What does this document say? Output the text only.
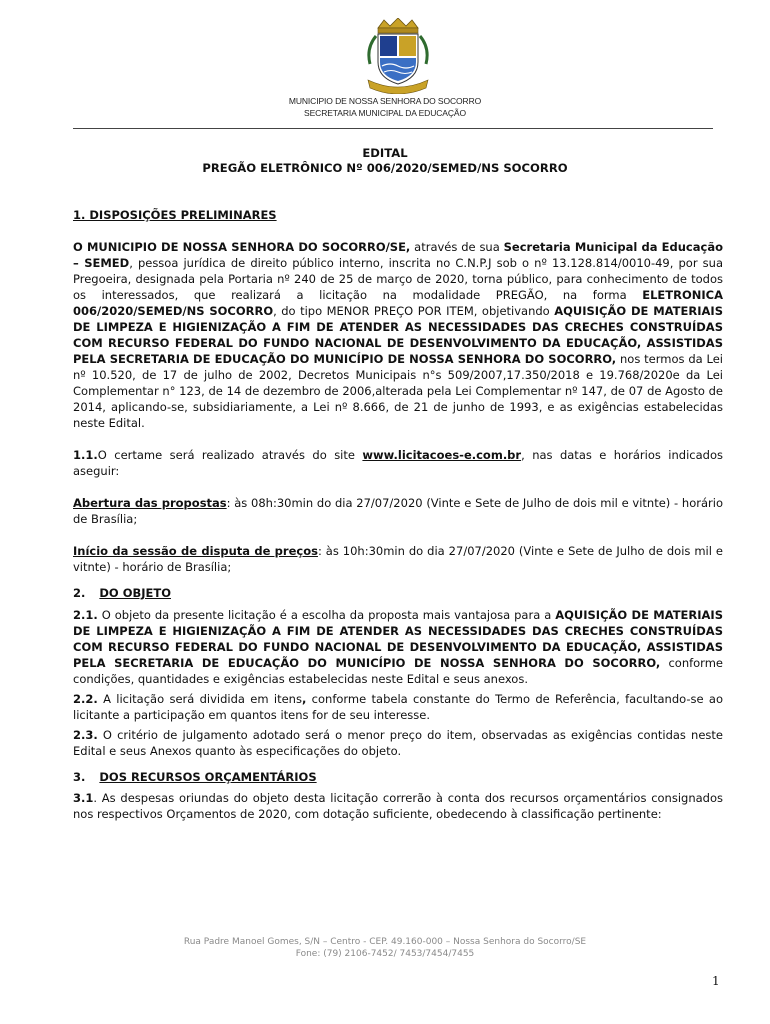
MUNICIPIO DE NOSSA SENHORA DO SOCORRO
SECRETARIA MUNICIPAL DA EDUCAÇÃO
EDITAL
PREGÃO ELETRÔNICO Nº 006/2020/SEMED/NS SOCORRO

1. DISPOSIÇÕES PRELIMINARES

O MUNICIPIO DE NOSSA SENHORA DO SOCORRO/SE, através de sua Secretaria Municipal da Educação – SEMED, pessoa jurídica de direito público interno, inscrita no C.N.P.J sob o nº 13.128.814/0010-49, por sua Pregoeira, designada pela Portaria nº 240 de 25 de março de 2020, torna público, para conhecimento de todos os interessados, que realizará a licitação na modalidade PREGÃO, na forma ELETRONICA 006/2020/SEMED/NS SOCORRO, do tipo MENOR PREÇO POR ITEM, objetivando AQUISIÇÃO DE MATERIAIS DE LIMPEZA E HIGIENIZAÇÃO A FIM DE ATENDER AS NECESSIDADES DAS CRECHES CONSTRUÍDAS COM RECURSO FEDERAL DO FUNDO NACIONAL DE DESENVOLVIMENTO DA EDUCAÇÃO, ASSISTIDAS PELA SECRETARIA DE EDUCAÇÃO DO MUNICÍPIO DE NOSSA SENHORA DO SOCORRO, nos termos da Lei nº 10.520, de 17 de julho de 2002, Decretos Municipais n°s 509/2007,17.350/2018 e 19.768/2020e da Lei Complementar n° 123, de 14 de dezembro de 2006,alterada pela Lei Complementar nº 147, de 07 de Agosto de 2014, aplicando-se, subsidiariamente, a Lei nº 8.666, de 21 de junho de 1993, e as exigências estabelecidas neste Edital.

1.1.O certame será realizado através do site www.licitacoes-e.com.br, nas datas e horários indicados aseguir:

Abertura das propostas: às 08h:30min do dia 27/07/2020 (Vinte e Sete de Julho de dois mil e vitnte) - horário de Brasília;

Início da sessão de disputa de preços: às 10h:30min do dia 27/07/2020 (Vinte e Sete de Julho de dois mil e vitnte) - horário de Brasília;

2. DO OBJETO

2.1. O objeto da presente licitação é a escolha da proposta mais vantajosa para a AQUISIÇÃO DE MATERIAIS DE LIMPEZA E HIGIENIZAÇÃO A FIM DE ATENDER AS NECESSIDADES DAS CRECHES CONSTRUÍDAS COM RECURSO FEDERAL DO FUNDO NACIONAL DE DESENVOLVIMENTO DA EDUCAÇÃO, ASSISTIDAS PELA SECRETARIA DE EDUCAÇÃO DO MUNICÍPIO DE NOSSA SENHORA DO SOCORRO, conforme condições, quantidades e exigências estabelecidas neste Edital e seus anexos.

2.2. A licitação será dividida em itens, conforme tabela constante do Termo de Referência, facultando-se ao licitante a participação em quantos itens for de seu interesse.

2.3. O critério de julgamento adotado será o menor preço do item, observadas as exigências contidas neste Edital e seus Anexos quanto às especificações do objeto.

3. DOS RECURSOS ORÇAMENTÁRIOS

3.1. As despesas oriundas do objeto desta licitação correrão à conta dos recursos orçamentários consignados nos respectivos Orçamentos de 2020, com dotação suficiente, obedecendo à classificação pertinente:

Rua Padre Manoel Gomes, S/N – Centro - CEP. 49.160-000 – Nossa Senhora do Socorro/SE
Fone: (79) 2106-7452/ 7453/7454/7455
1
